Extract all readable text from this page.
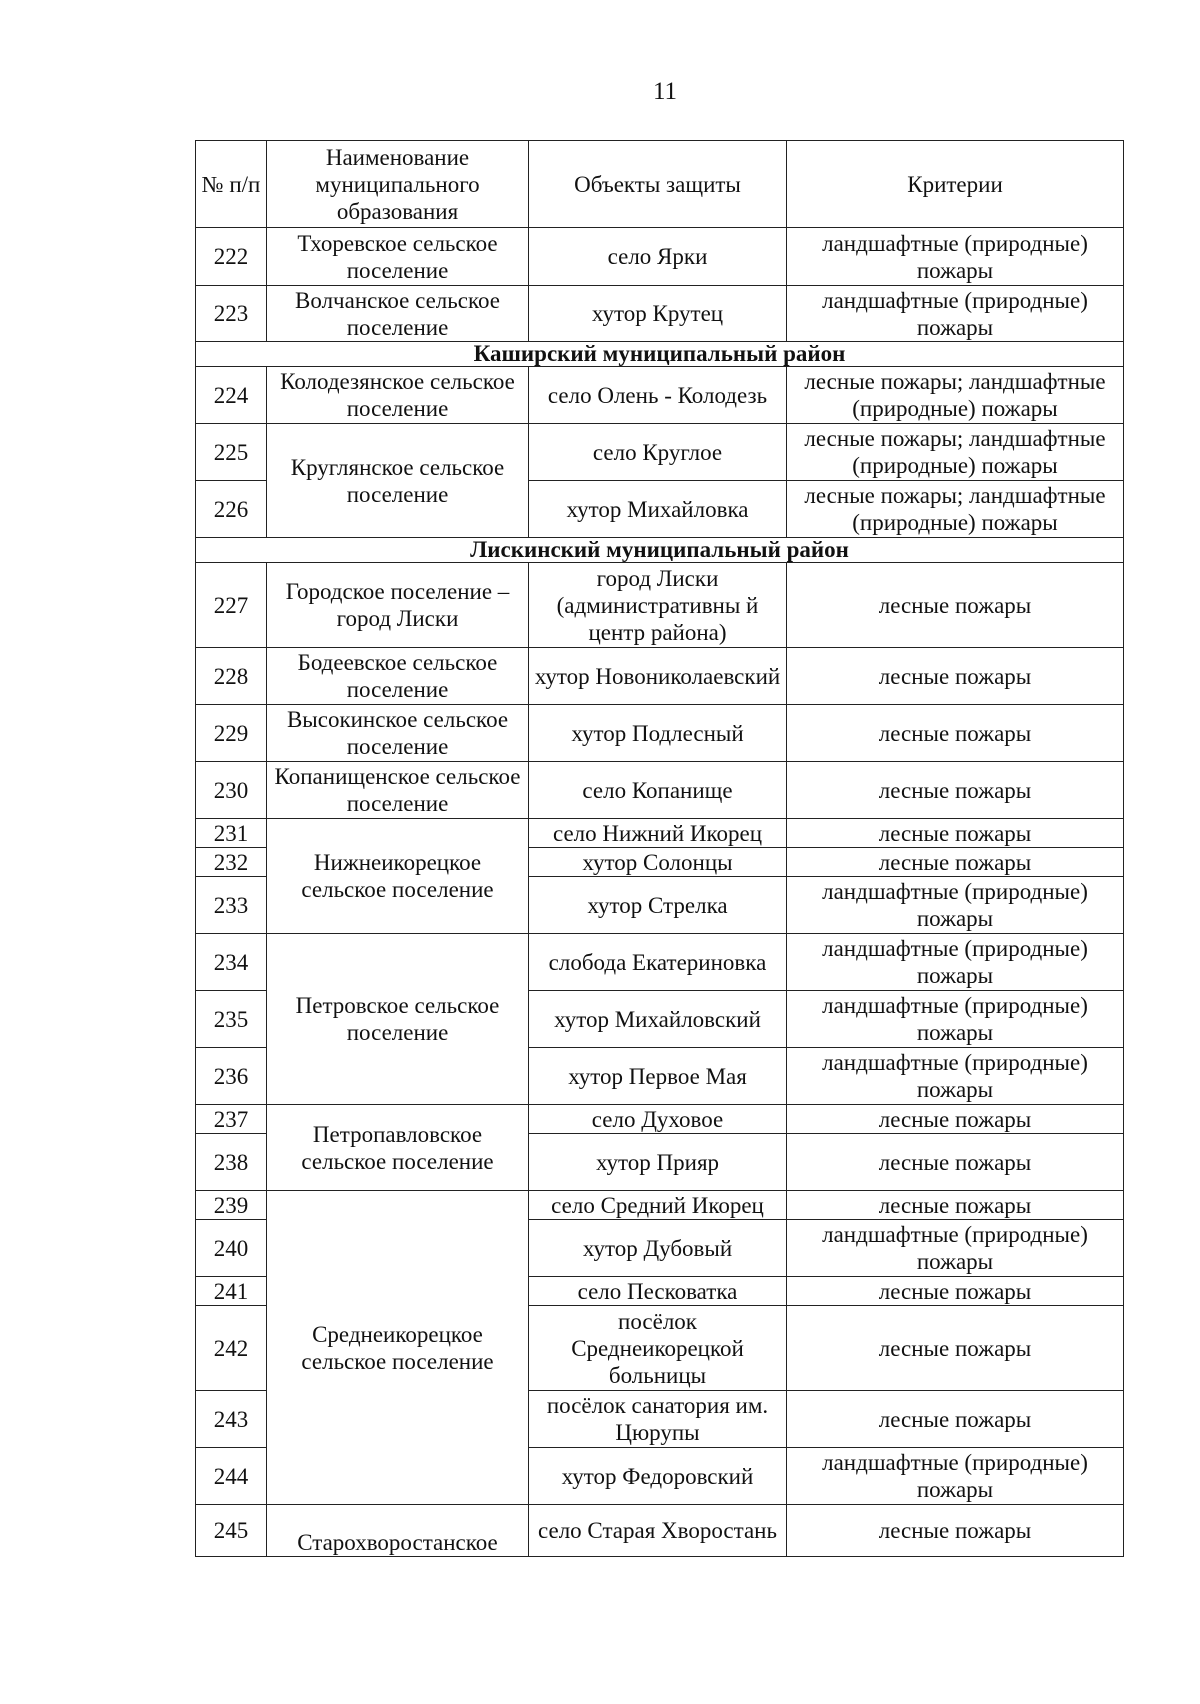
11
№ п/п	Наименование муниципального образования	Объекты защиты	Критерии
222	Тхоревское сельское поселение	село Ярки	ландшафтные (природные) пожары
223	Волчанское сельское поселение	хутор Крутец	ландшафтные (природные) пожары
Каширский муниципальный район			
224	Колодезянское сельское поселение	село Олень - Колодезь	лесные пожары; ландшафтные (природные) пожары
225	Круглянское сельское поселение	село Круглое	лесные пожары; ландшафтные (природные) пожары
226		хутор Михайловка	лесные пожары; ландшафтные (природные) пожары
Лискинский муниципальный район			
227	Городское поселение – город Лиски	город Лиски (административны й центр района)	лесные пожары
228	Бодеевское сельское поселение	хутор Новониколаевский	лесные пожары
229	Высокинское сельское поселение	хутор Подлесный	лесные пожары
230	Копанищенское сельское поселение	село Копанище	лесные пожары
231	Нижнеикорецкое сельское поселение	село Нижний Икорец	лесные пожары
232		хутор Солонцы	лесные пожары
233		хутор Стрелка	ландшафтные (природные) пожары
234	Петровское сельское поселение	слобода Екатериновка	ландшафтные (природные) пожары
235		хутор Михайловский	ландшафтные (природные) пожары
236		хутор Первое Мая	ландшафтные (природные) пожары
237	Петропавловское сельское поселение	село Духовое	лесные пожары
238		хутор Прияр	лесные пожары
239	Среднеикорецкое сельское поселение	село Средний Икорец	лесные пожары
240		хутор Дубовый	ландшафтные (природные) пожары
241		село Песковатка	лесные пожары
242		посёлок Среднеикорецкой больницы	лесные пожары
243		посёлок санатория им. Цюрупы	лесные пожары
244		хутор Федоровский	ландшафтные (природные) пожары
245	Старохворостанское	село Старая Хворостань	лесные пожары
